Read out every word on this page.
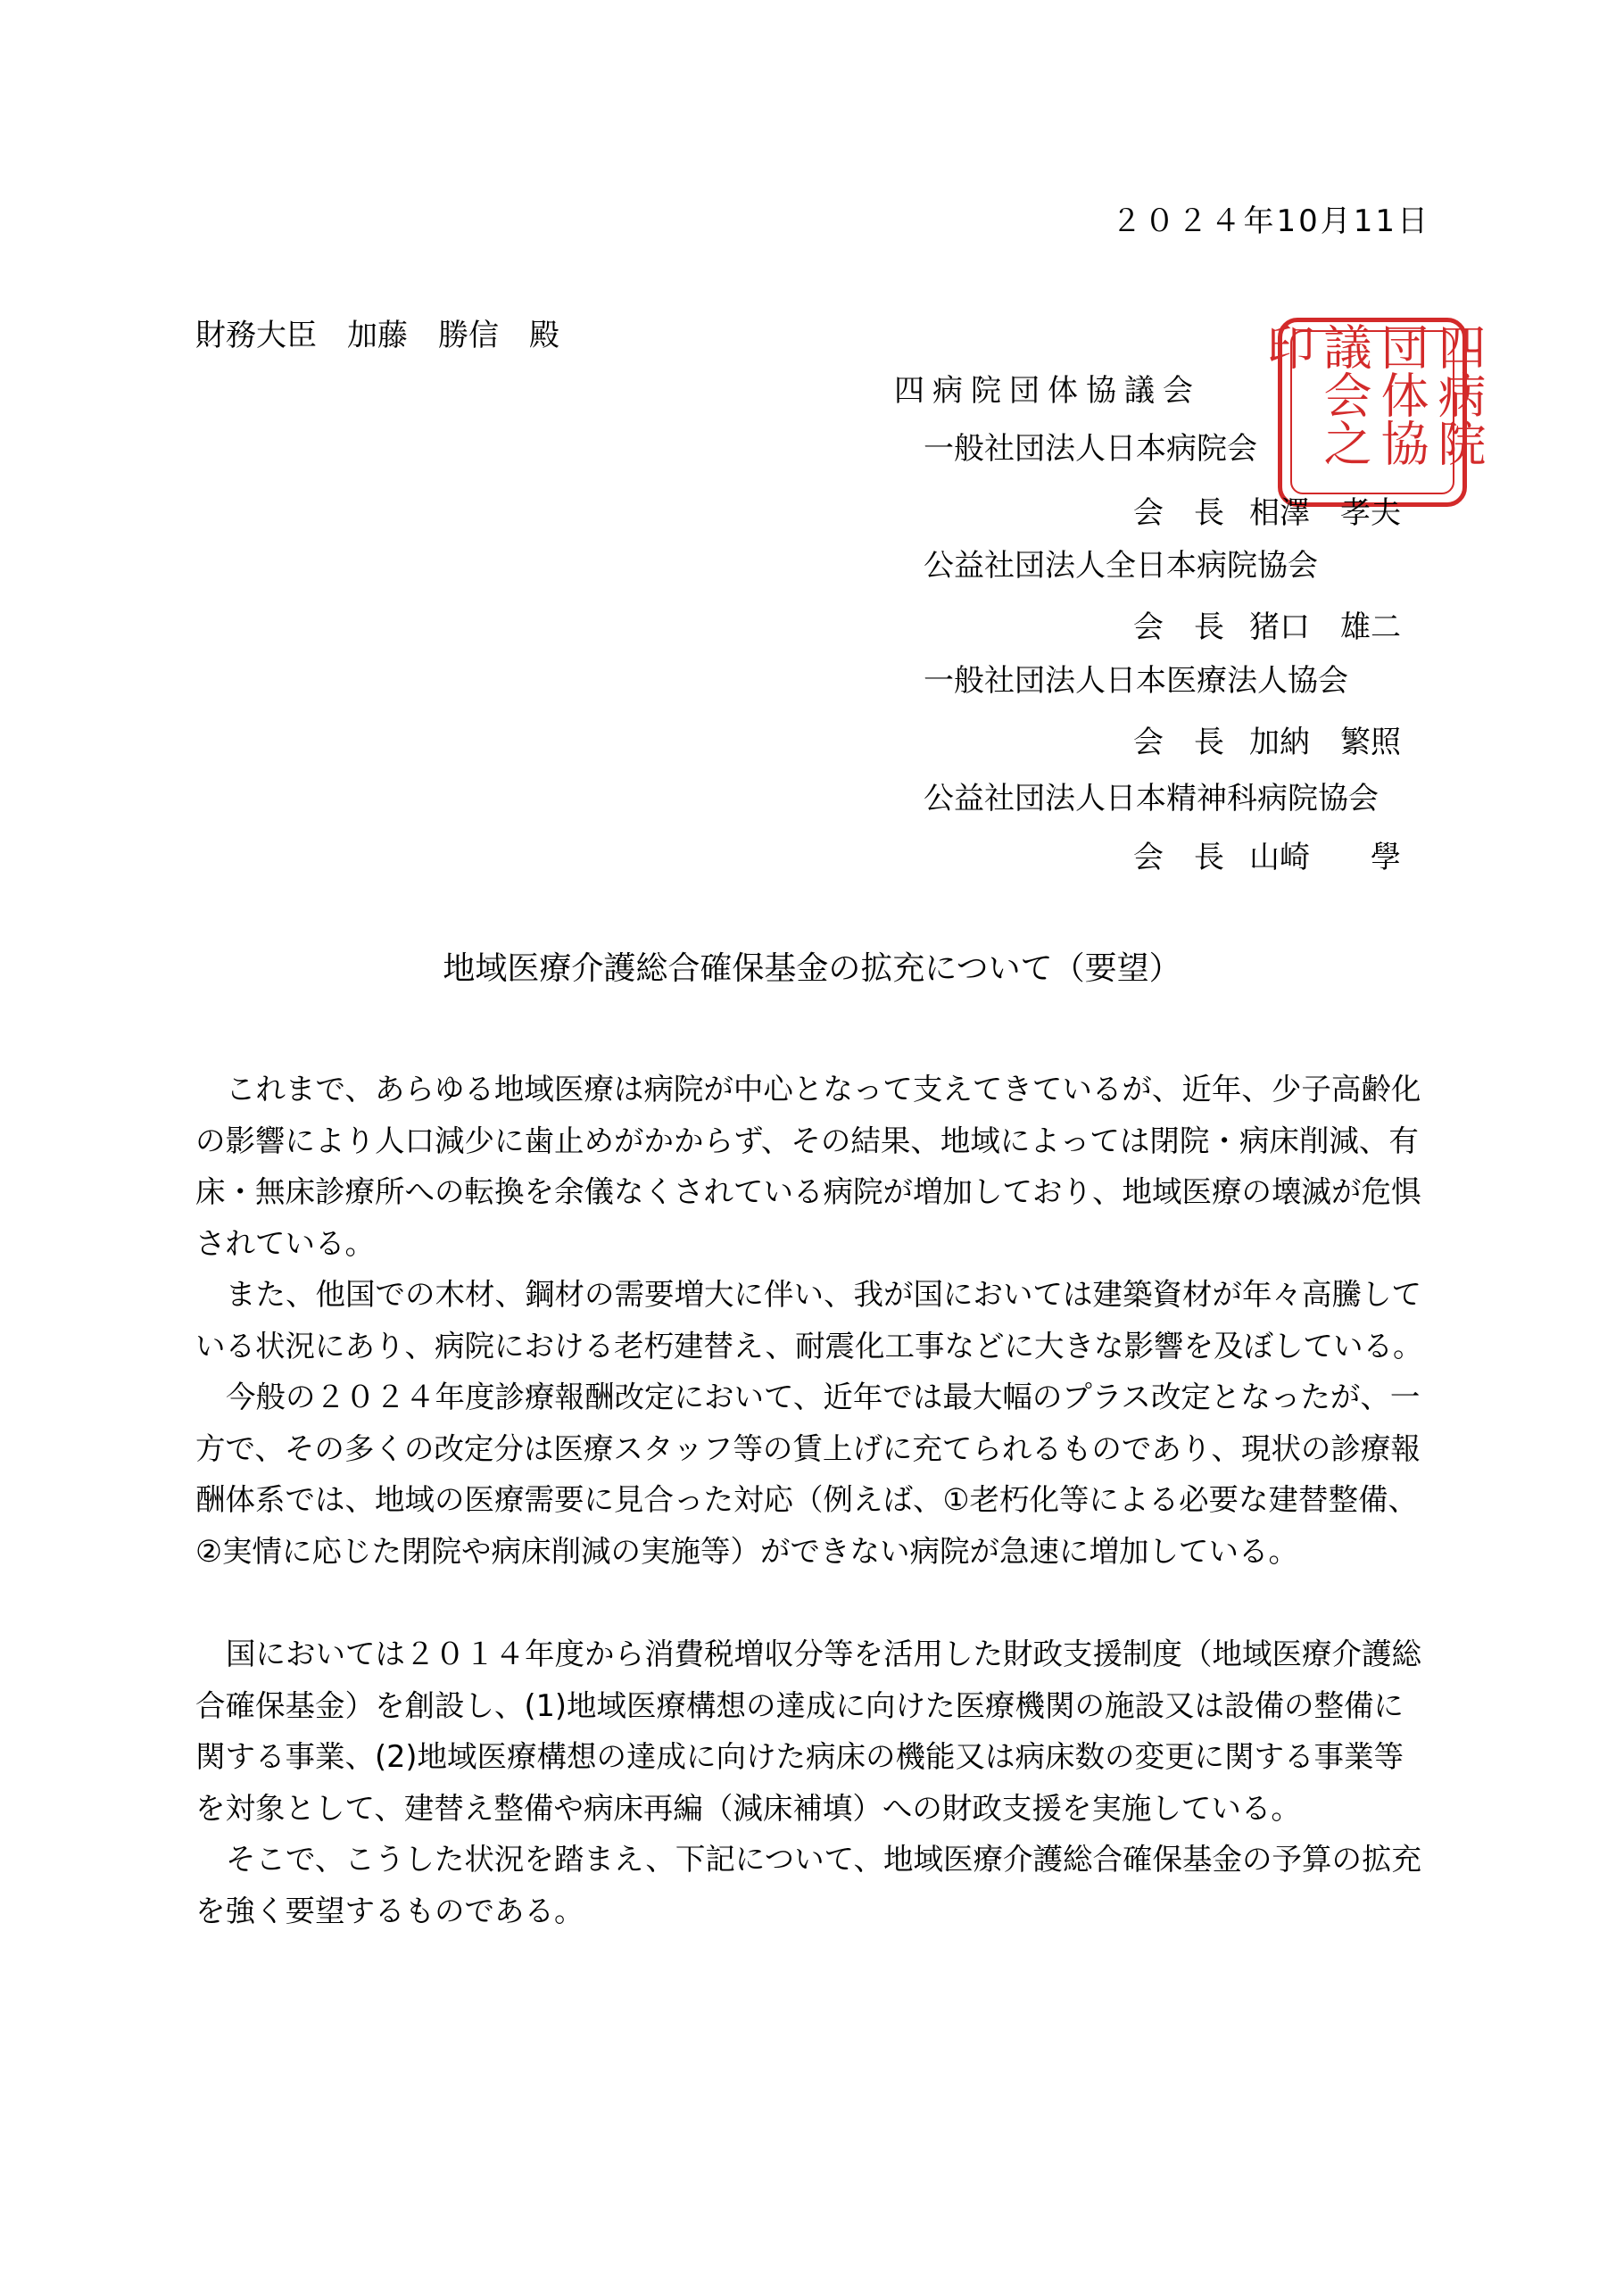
２０２４年10月11日
財務大臣　加藤　勝信　殿	四病院団体協議会之印
四病院団体協議会
一般社団法人日本病院会
会　長 相澤　孝夫
公益社団法人全日本病院協会
会　長 猪口　雄二
一般社団法人日本医療法人協会
会　長 加納　繁照
公益社団法人日本精神科病院協会
会　長 山崎　　學
地域医療介護総合確保基金の拡充について（要望）

これまで、あらゆる地域医療は病院が中心となって支えてきているが、近年、少子高齢化の影響により人口減少に歯止めがかからず、その結果、地域によっては閉院・病床削減、有床・無床診療所への転換を余儀なくされている病院が増加しており、地域医療の壊滅が危惧されている。

また、他国での木材、鋼材の需要増大に伴い、我が国においては建築資材が年々高騰している状況にあり、病院における老朽建替え、耐震化工事などに大きな影響を及ぼしている。

今般の２０２４年度診療報酬改定において、近年では最大幅のプラス改定となったが、一方で、その多くの改定分は医療スタッフ等の賃上げに充てられるものであり、現状の診療報酬体系では、地域の医療需要に見合った対応（例えば、①老朽化等による必要な建替整備、②実情に応じた閉院や病床削減の実施等）ができない病院が急速に増加している。

国においては２０１４年度から消費税増収分等を活用した財政支援制度（地域医療介護総合確保基金）を創設し、(1)地域医療構想の達成に向けた医療機関の施設又は設備の整備に関する事業、(2)地域医療構想の達成に向けた病床の機能又は病床数の変更に関する事業等を対象として、建替え整備や病床再編（減床補填）への財政支援を実施している。

そこで、こうした状況を踏まえ、下記について、地域医療介護総合確保基金の予算の拡充を強く要望するものである。
